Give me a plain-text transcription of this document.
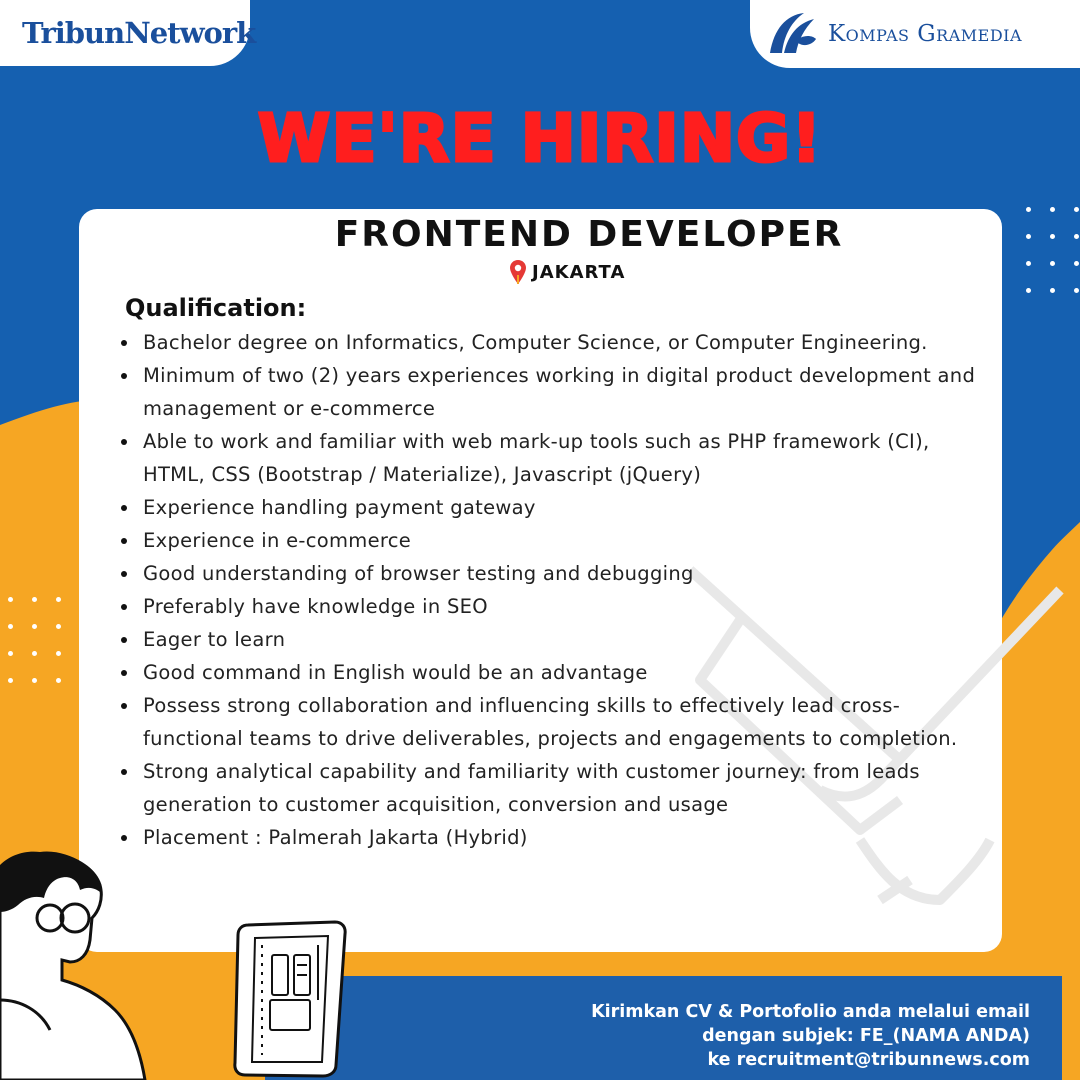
TribunNetwork	Kompas Gramedia
WE'RE HIRING!
FRONTEND DEVELOPER
JAKARTA
Qualification:
Bachelor degree on Informatics, Computer Science, or Computer Engineering.
Minimum of two (2) years experiences working in digital product development and management or e-commerce
Able to work and familiar with web mark-up tools such as PHP framework (CI), HTML, CSS (Bootstrap / Materialize), Javascript (jQuery)
Experience handling payment gateway
Experience in e-commerce
Good understanding of browser testing and debugging
Preferably have knowledge in SEO
Eager to learn
Good command in English would be an advantage
Possess strong collaboration and influencing skills to effectively lead cross-functional teams to drive deliverables, projects and engagements to completion.
Strong analytical capability and familiarity with customer journey: from leads generation to customer acquisition, conversion and usage
Placement : Palmerah Jakarta (Hybrid)
Kirimkan CV & Portofolio anda melalui email
dengan subjek: FE_(NAMA ANDA)
ke recruitment@tribunnews.com
